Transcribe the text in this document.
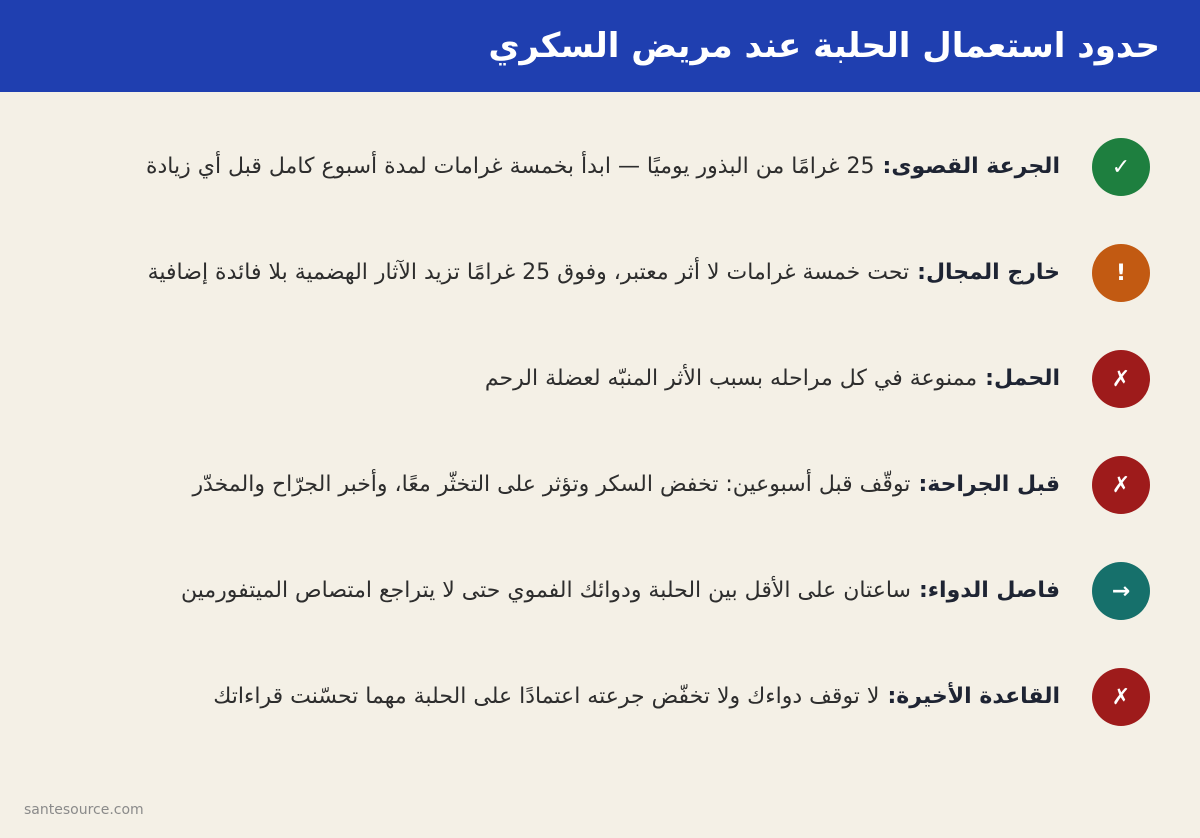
حدود استعمال الحلبة عند مريض السكري
✓
الجرعة القصوى:25 غرامًا من البذور يوميًا — ابدأ بخمسة غرامات لمدة أسبوع كامل قبل أي زيادة
!
خارج المجال:تحت خمسة غرامات لا أثر معتبر، وفوق 25 غرامًا تزيد الآثار الهضمية بلا فائدة إضافية
✗
الحمل:ممنوعة في كل مراحله بسبب الأثر المنبّه لعضلة الرحم
✗
قبل الجراحة:توقّف قبل أسبوعين: تخفض السكر وتؤثر على التخثّر معًا، وأخبر الجرّاح والمخدّر
→
فاصل الدواء:ساعتان على الأقل بين الحلبة ودوائك الفموي حتى لا يتراجع امتصاص الميتفورمين
✗
القاعدة الأخيرة:لا توقف دواءك ولا تخفّض جرعته اعتمادًا على الحلبة مهما تحسّنت قراءاتك
santesource.com
